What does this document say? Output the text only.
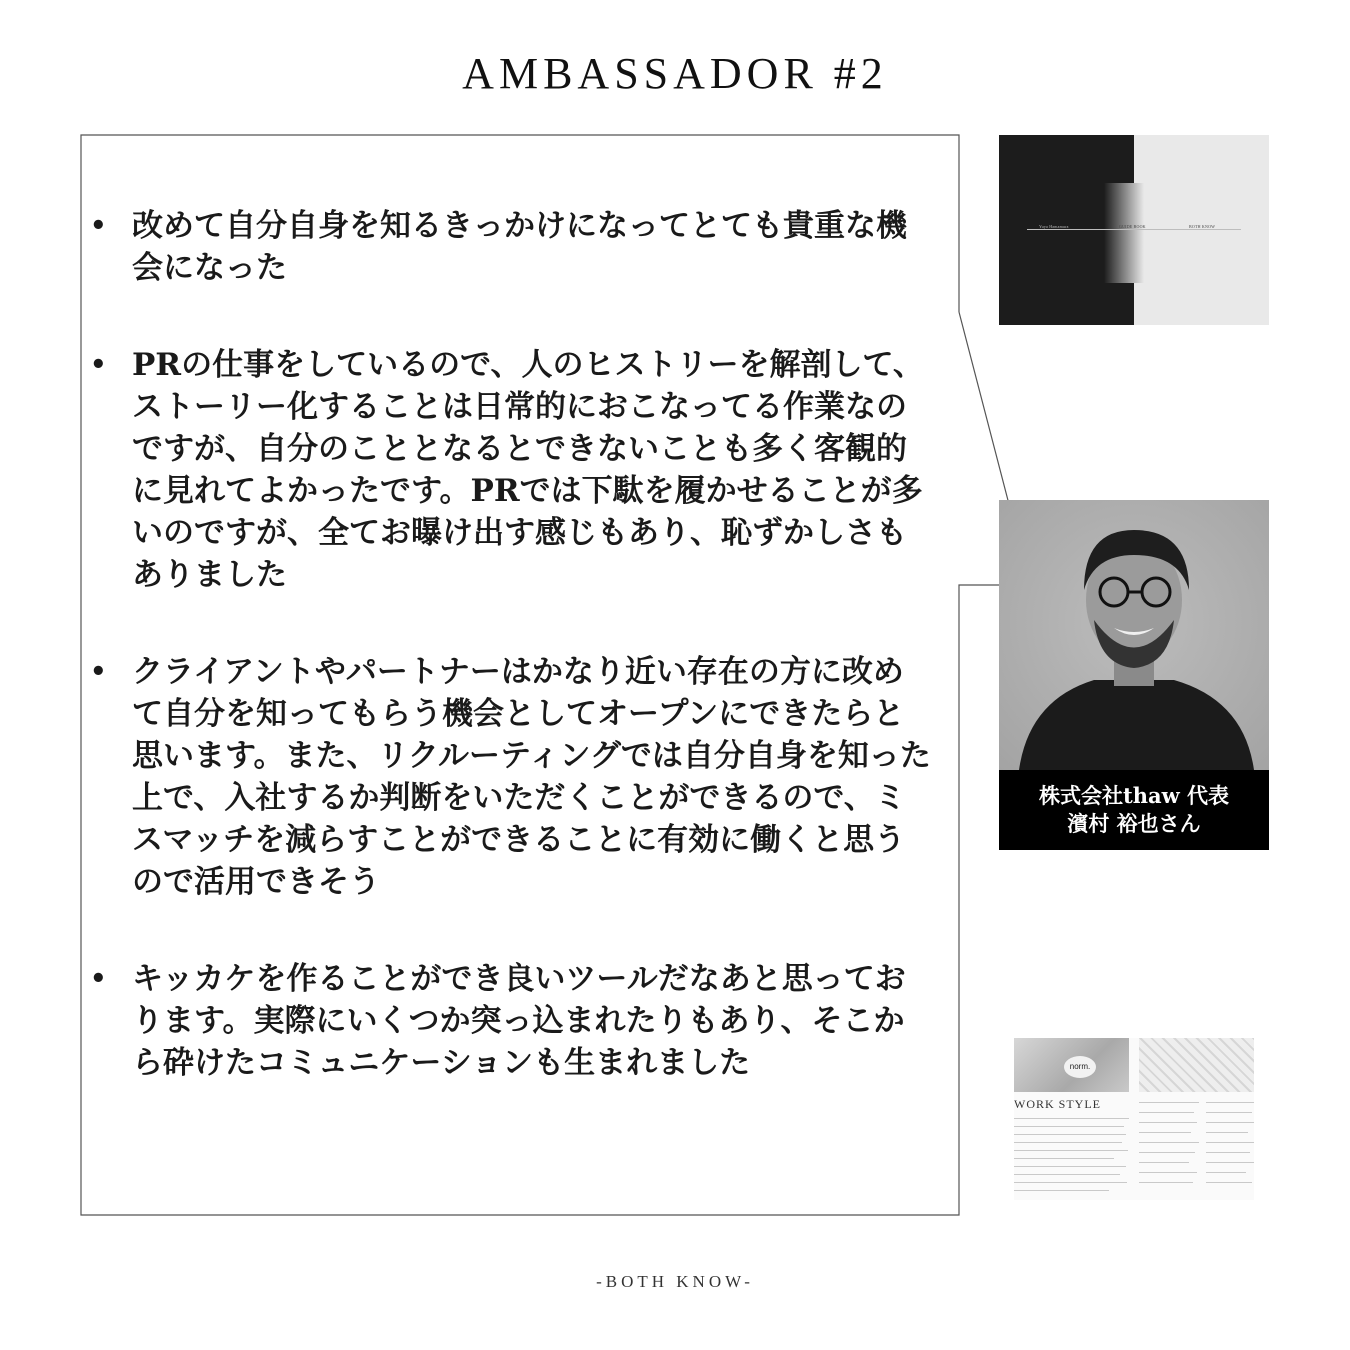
AMBASSADOR #2
• 改めて自分自身を知るきっかけになってとても貴重な機会になった
• PRの仕事をしているので、人のヒストリーを解剖して、ストーリー化することは日常的におこなってる作業なのですが、自分のこととなるとできないことも多く客観的に見れてよかったです。PRでは下駄を履かせることが多いのですが、全てお曝け出す感じもあり、恥ずかしさもありました
• クライアントやパートナーはかなり近い存在の方に改めて自分を知ってもらう機会としてオープンにできたらと思います。また、リクルーティングでは自分自身を知った上で、入社するか判断をいただくことができるので、ミスマッチを減らすことができることに有効に働くと思うので活用できそう
• キッカケを作ることができ良いツールだなあと思っております。実際にいくつか突っ込まれたりもあり、そこから砕けたコミュニケーションも生まれました
Yuya Hamamura	GUIDE BOOK	BOTH KNOW
株式会社thaw 代表
濱村 裕也さん
norm.
WORK STYLE
-BOTH KNOW-
